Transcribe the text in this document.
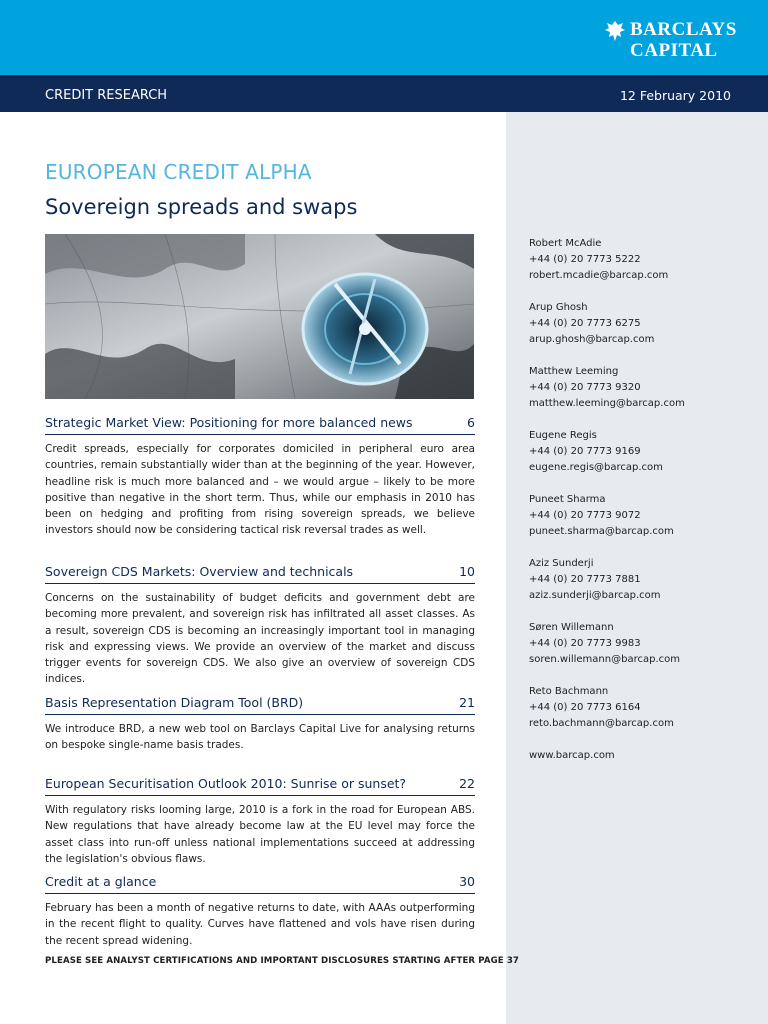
BARCLAYS
CAPITAL
CREDIT RESEARCH	12 February 2010
EUROPEAN CREDIT ALPHA
Sovereign spreads and swaps
Strategic Market View: Positioning for more balanced news	6
Credit spreads, especially for corporates domiciled in peripheral euro area countries, remain substantially wider than at the beginning of the year. However, headline risk is much more balanced and – we would argue – likely to be more positive than negative in the short term. Thus, while our emphasis in 2010 has been on hedging and profiting from rising sovereign spreads, we believe investors should now be considering tactical risk reversal trades as well.
Sovereign CDS Markets: Overview and technicals	10
Concerns on the sustainability of budget deficits and government debt are becoming more prevalent, and sovereign risk has infiltrated all asset classes. As a result, sovereign CDS is becoming an increasingly important tool in managing risk and expressing views. We provide an overview of the market and discuss trigger events for sovereign CDS. We also give an overview of sovereign CDS indices.
Basis Representation Diagram Tool (BRD)	21
We introduce BRD, a new web tool on Barclays Capital Live for analysing returns on bespoke single-name basis trades.
European Securitisation Outlook 2010: Sunrise or sunset?	22
With regulatory risks looming large, 2010 is a fork in the road for European ABS. New regulations that have already become law at the EU level may force the asset class into run-off unless national implementations succeed at addressing the legislation's obvious flaws.
Credit at a glance	30
February has been a month of negative returns to date, with AAAs outperforming in the recent flight to quality. Curves have flattened and vols have risen during the recent spread widening.
PLEASE SEE ANALYST CERTIFICATIONS AND IMPORTANT DISCLOSURES STARTING AFTER PAGE 37
Robert McAdie
+44 (0) 20 7773 5222
robert.mcadie@barcap.com
Arup Ghosh
+44 (0) 20 7773 6275
arup.ghosh@barcap.com
Matthew Leeming
+44 (0) 20 7773 9320
matthew.leeming@barcap.com
Eugene Regis
+44 (0) 20 7773 9169
eugene.regis@barcap.com
Puneet Sharma
+44 (0) 20 7773 9072
puneet.sharma@barcap.com
Aziz Sunderji
+44 (0) 20 7773 7881
aziz.sunderji@barcap.com
Søren Willemann
+44 (0) 20 7773 9983
soren.willemann@barcap.com
Reto Bachmann
+44 (0) 20 7773 6164
reto.bachmann@barcap.com
www.barcap.com
